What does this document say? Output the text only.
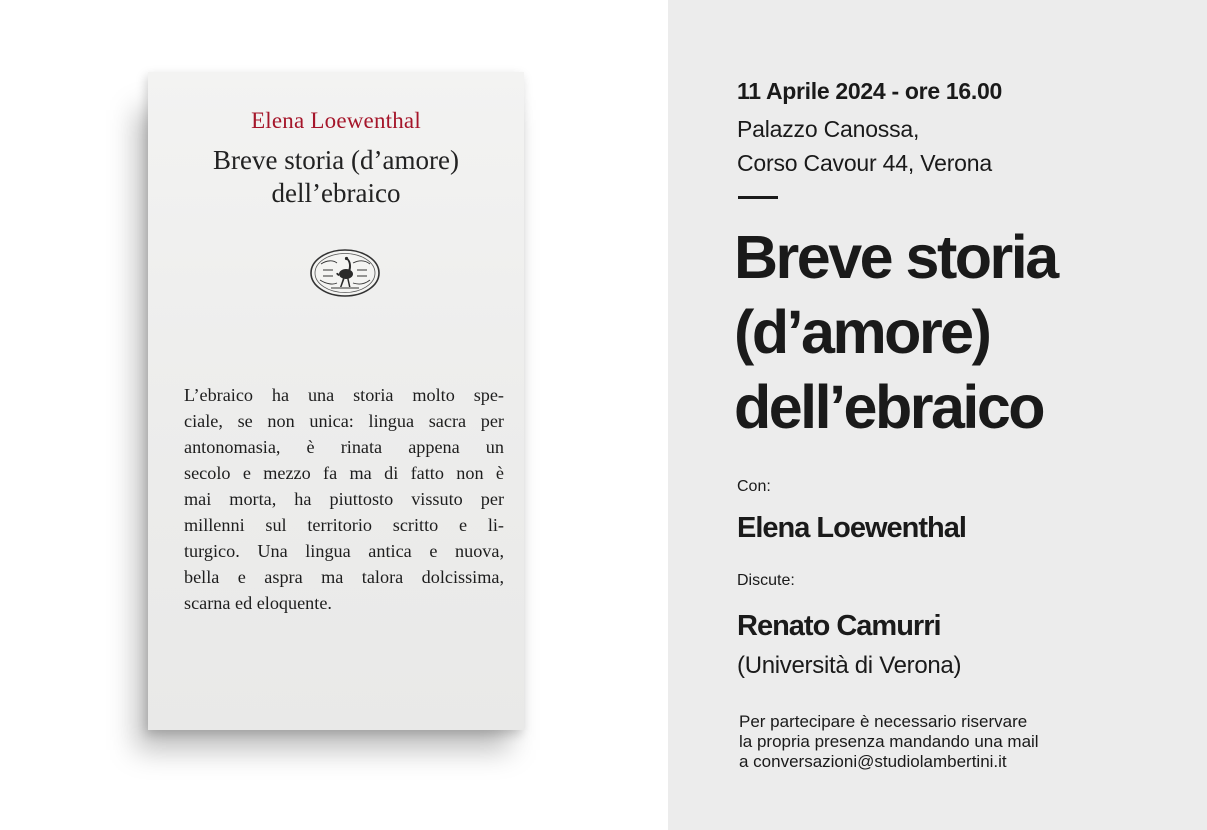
Elena Loewenthal
Breve storia (d’amore)
dell’ebraico
L’ebraico ha una storia molto spe-
ciale, se non unica: lingua sacra per
antonomasia, è rinata appena un
secolo e mezzo fa ma di fatto non è
mai morta, ha piuttosto vissuto per
millenni sul territorio scritto e li-
turgico. Una lingua antica e nuova,
bella e aspra ma talora dolcissima,
scarna ed eloquente.
11 Aprile 2024 - ore 16.00
Palazzo Canossa,
Corso Cavour 44, Verona
Breve storia
(d’amore)
dell’ebraico
Con:
Elena Loewenthal
Discute:
Renato Camurri
(Università di Verona)
Per partecipare è necessario riservare
la propria presenza mandando una mail
a conversazioni@studiolambertini.it
